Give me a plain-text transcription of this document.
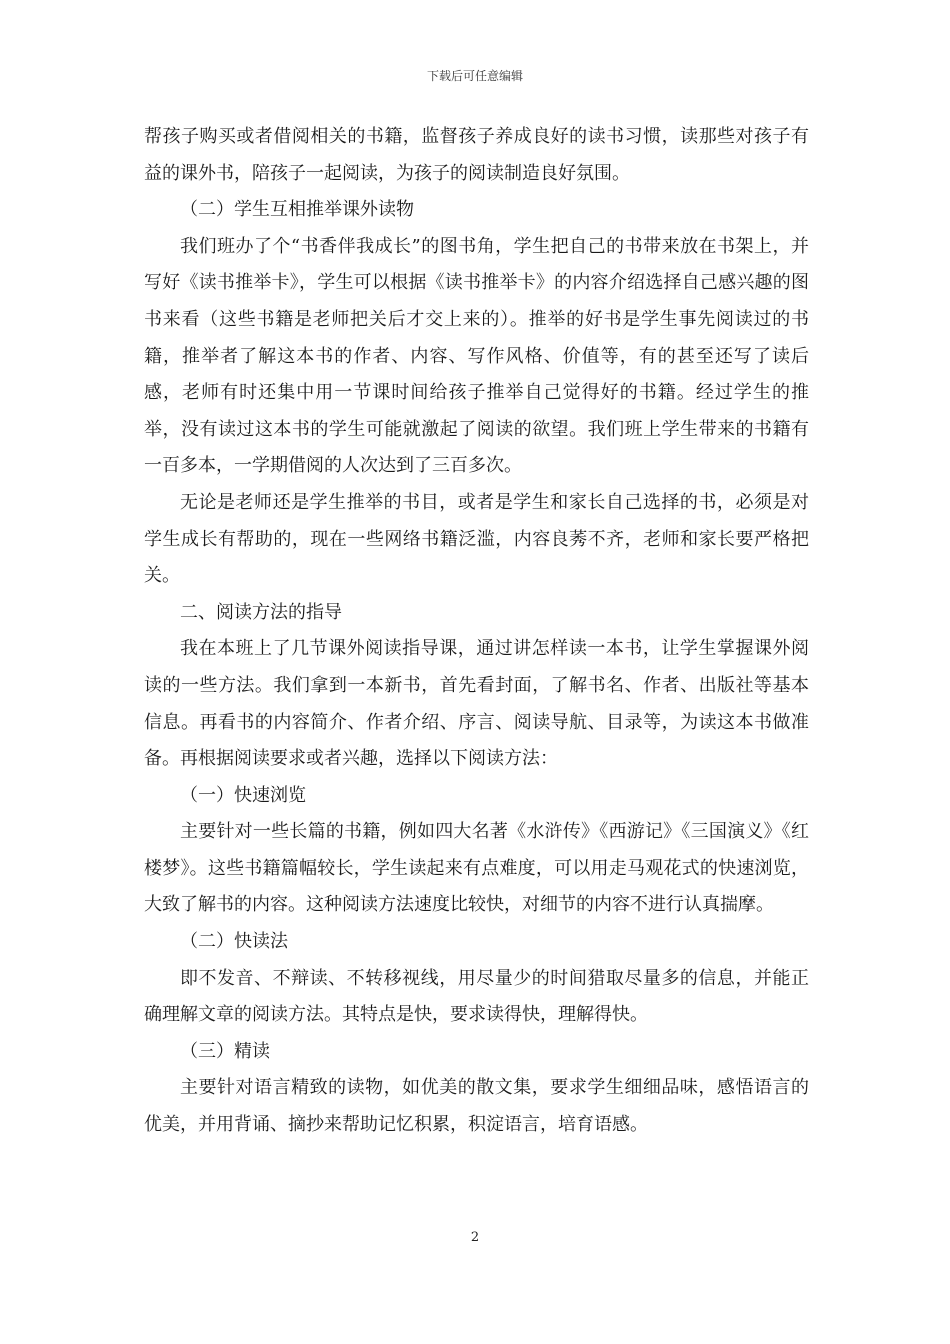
下载后可任意编辑

帮孩子购买或者借阅相关的书籍，监督孩子养成良好的读书习惯，读那些对孩子有益的课外书，陪孩子一起阅读，为孩子的阅读制造良好氛围。

（二）学生互相推举课外读物

我们班办了个“书香伴我成长”的图书角，学生把自己的书带来放在书架上，并写好《读书推举卡》，学生可以根据《读书推举卡》的内容介绍选择自己感兴趣的图书来看（这些书籍是老师把关后才交上来的）。推举的好书是学生事先阅读过的书籍，推举者了解这本书的作者、内容、写作风格、价值等，有的甚至还写了读后感，老师有时还集中用一节课时间给孩子推举自己觉得好的书籍。经过学生的推举，没有读过这本书的学生可能就激起了阅读的欲望。我们班上学生带来的书籍有一百多本，一学期借阅的人次达到了三百多次。

无论是老师还是学生推举的书目，或者是学生和家长自己选择的书，必须是对学生成长有帮助的，现在一些网络书籍泛滥，内容良莠不齐，老师和家长要严格把关。

二、阅读方法的指导

我在本班上了几节课外阅读指导课，通过讲怎样读一本书，让学生掌握课外阅读的一些方法。我们拿到一本新书，首先看封面，了解书名、作者、出版社等基本信息。再看书的内容简介、作者介绍、序言、阅读导航、目录等，为读这本书做准备。再根据阅读要求或者兴趣，选择以下阅读方法：

（一）快速浏览

主要针对一些长篇的书籍，例如四大名著《水浒传》《西游记》《三国演义》《红楼梦》。这些书籍篇幅较长，学生读起来有点难度，可以用走马观花式的快速浏览，大致了解书的内容。这种阅读方法速度比较快，对细节的内容不进行认真揣摩。

（二）快读法

即不发音、不辩读、不转移视线，用尽量少的时间猎取尽量多的信息，并能正确理解文章的阅读方法。其特点是快，要求读得快，理解得快。

（三）精读

主要针对语言精致的读物，如优美的散文集，要求学生细细品味，感悟语言的优美，并用背诵、摘抄来帮助记忆积累，积淀语言，培育语感。

2
